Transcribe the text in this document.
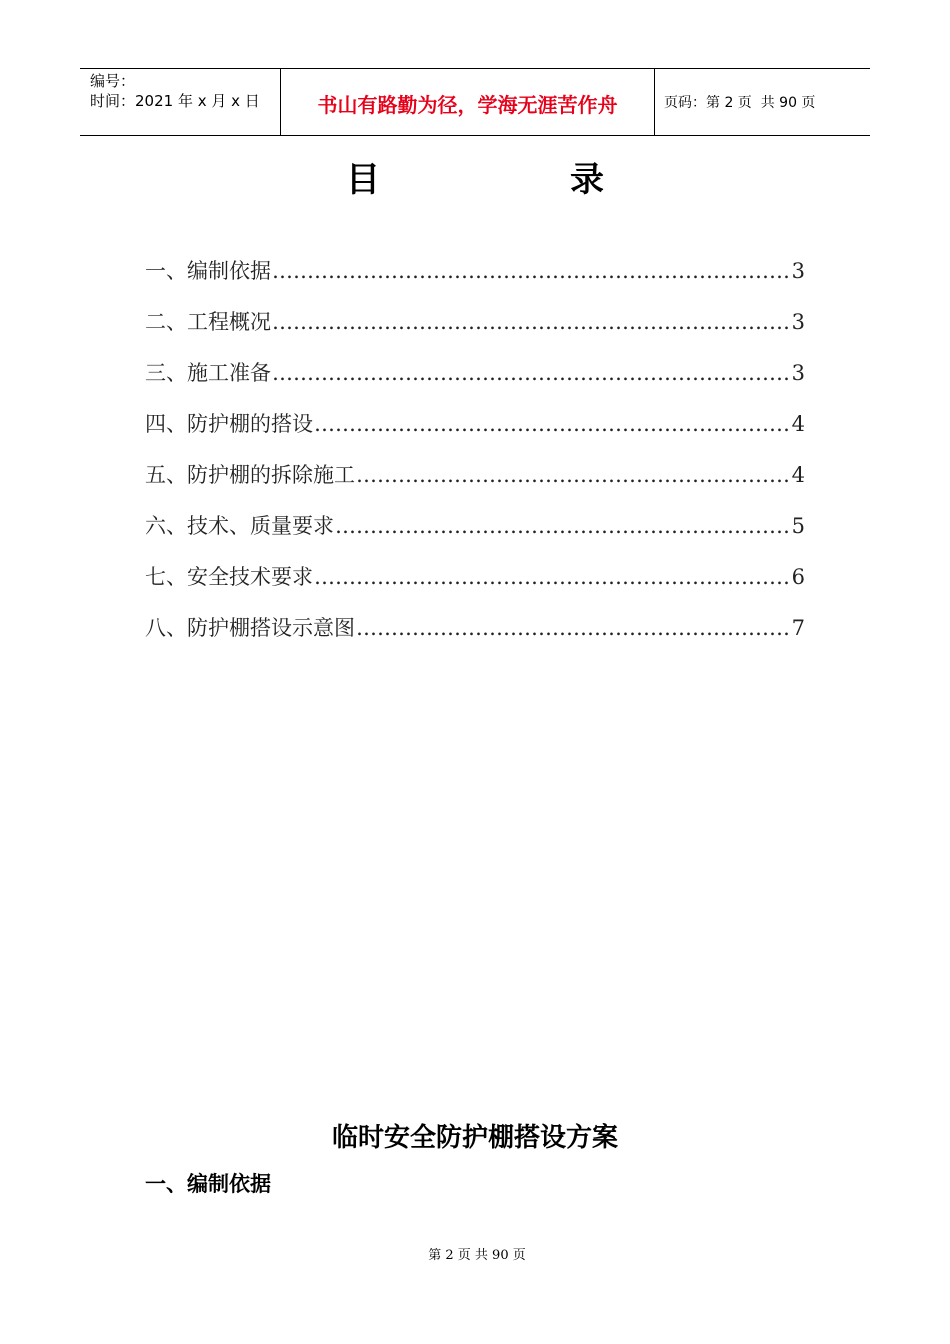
编号：
时间：2021 年 x 月 x 日	书山有路勤为径，学海无涯苦作舟	页码：第 2 页  共 90 页
目	录
一、编制依据 ………………………………………………………………………………………………………………………………………………………………………………………	3
二、工程概况 ………………………………………………………………………………………………………………………………………………………………………………………	3
三、施工准备 ………………………………………………………………………………………………………………………………………………………………………………………	3
四、防护棚的搭设 ………………………………………………………………………………………………………………………………………………………………………………………	4
五、防护棚的拆除施工 ………………………………………………………………………………………………………………………………………………………………………………………	4
六、技术、质量要求 ………………………………………………………………………………………………………………………………………………………………………………………	5
七、安全技术要求 ………………………………………………………………………………………………………………………………………………………………………………………	6
八、防护棚搭设示意图 ………………………………………………………………………………………………………………………………………………………………………………………	7
临时安全防护棚搭设方案
一、编制依据
第 2 页 共 90 页
